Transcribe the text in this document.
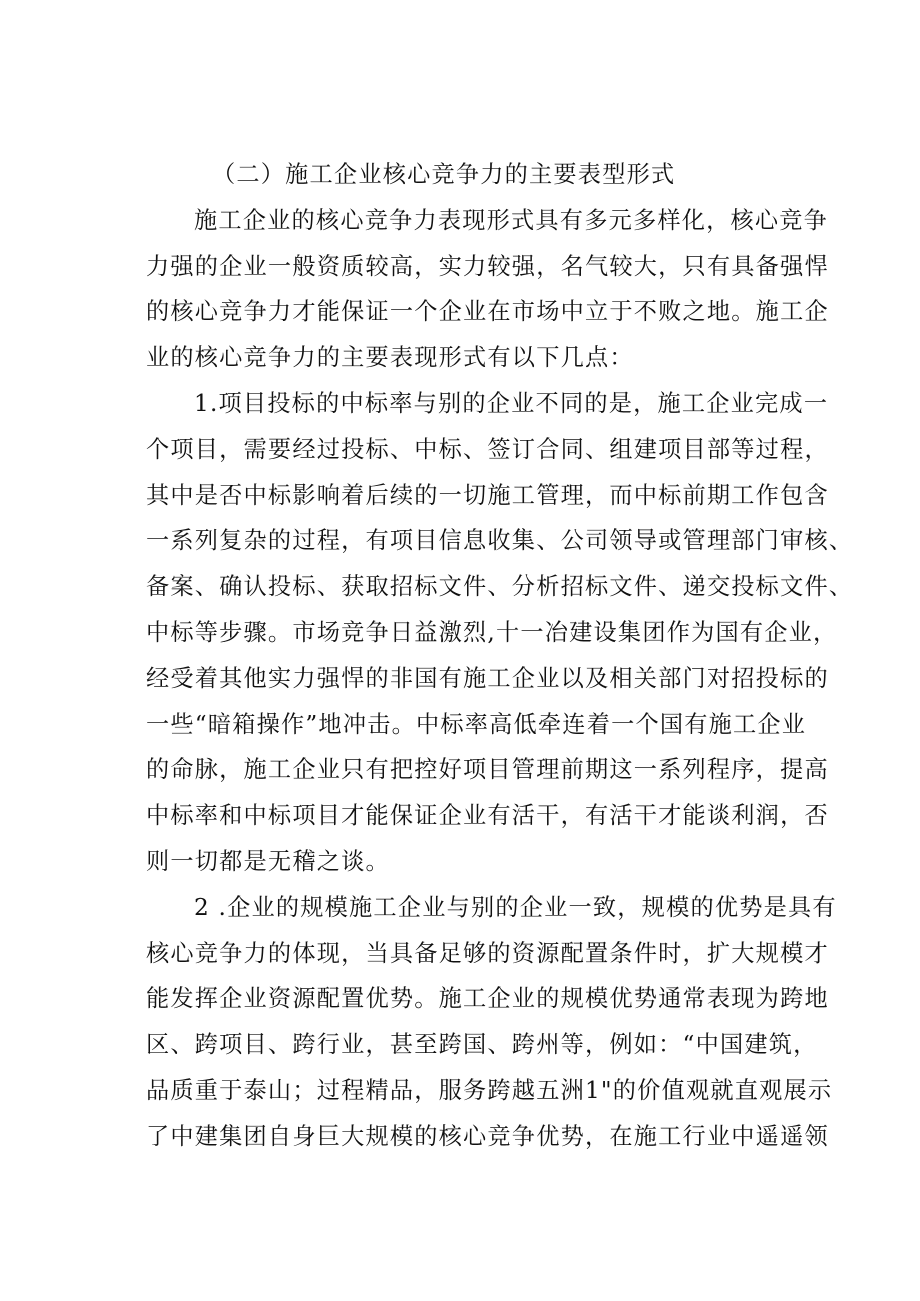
（二）施工企业核心竞争力的主要表型形式
施工企业的核心竞争力表现形式具有多元多样化，核心竞争
力强的企业一般资质较高，实力较强，名气较大，只有具备强悍
的核心竞争力才能保证一个企业在市场中立于不败之地。施工企
业的核心竞争力的主要表现形式有以下几点：
1.项目投标的中标率与别的企业不同的是，施工企业完成一
个项目，需要经过投标、中标、签订合同、组建项目部等过程，
其中是否中标影响着后续的一切施工管理，而中标前期工作包含
一系列复杂的过程，有项目信息收集、公司领导或管理部门审核、
备案、确认投标、获取招标文件、分析招标文件、递交投标文件、
中标等步骤。市场竞争日益激烈,十一冶建设集团作为国有企业，
经受着其他实力强悍的非国有施工企业以及相关部门对招投标的
一些“暗箱操作”地冲击。中标率高低牵连着一个国有施工企业
的命脉，施工企业只有把控好项目管理前期这一系列程序，提高
中标率和中标项目才能保证企业有活干，有活干才能谈利润，否
则一切都是无稽之谈。
2 .企业的规模施工企业与别的企业一致，规模的优势是具有
核心竞争力的体现，当具备足够的资源配置条件时，扩大规模才
能发挥企业资源配置优势。施工企业的规模优势通常表现为跨地
区、跨项目、跨行业，甚至跨国、跨州等，例如：“中国建筑，
品质重于泰山；过程精品，服务跨越五洲1"的价值观就直观展示
了中建集团自身巨大规模的核心竞争优势，在施工行业中遥遥领
